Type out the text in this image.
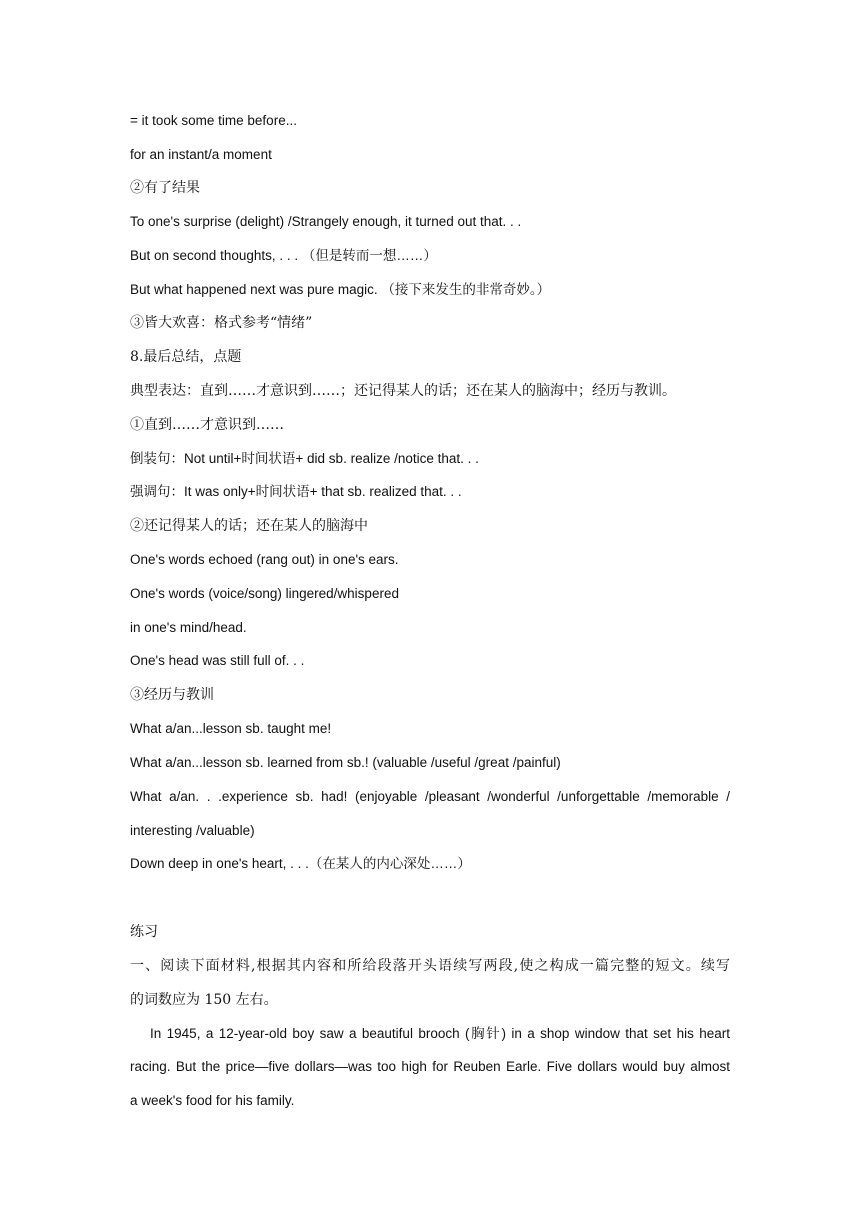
= it took some time before...
for an instant/a moment
②有了结果
To one's surprise (delight) /Strangely enough, it turned out that. . .
But on second thoughts, . . . （但是转而一想……）
But what happened next was pure magic. （接下来发生的非常奇妙。）
③皆大欢喜：格式参考“情绪”
8.最后总结，点题
典型表达：直到……才意识到……；还记得某人的话；还在某人的脑海中；经历与教训。
①直到……才意识到……
倒装句：Not until+时间状语+ did sb. realize /notice that. . .
强调句：It was only+时间状语+ that sb. realized that. . .
②还记得某人的话；还在某人的脑海中
One's words echoed (rang out) in one's ears.
One's words (voice/song) lingered/whispered
in one's mind/head.
One's head was still full of. . .
③经历与教训
What a/an...lesson sb. taught me!
What a/an...lesson sb. learned from sb.! (valuable /useful /great /painful)
What a/an. . .experience sb. had! (enjoyable /pleasant /wonderful /unforgettable /memorable /
interesting /valuable)
Down deep in one's heart, . . .（在某人的内心深处……）
练习
一、阅读下面材料,根据其内容和所给段落开头语续写两段,使之构成一篇完整的短文。续写
的词数应为 150 左右。
In 1945, a 12-year-old boy saw a beautiful brooch (胸针) in a shop window that set his heart
racing. But the price—five dollars—was too high for Reuben Earle. Five dollars would buy almost
a week's food for his family.
